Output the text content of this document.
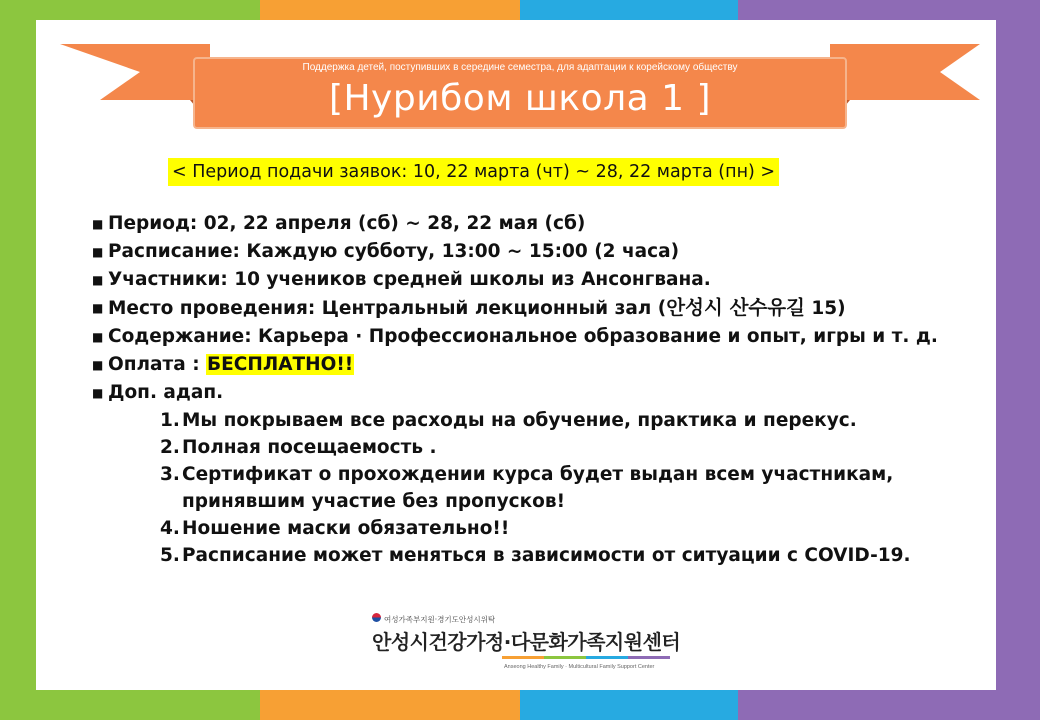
Поддержка детей, поступивших в середине семестра, для адаптации к корейскому обществу
[Нурибом школа 1 ]
< Период подачи заявок: 10, 22 марта (чт) ~ 28, 22 марта (пн) >
■ Период: 02, 22 апреля (сб) ~ 28, 22 мая (сб)
■ Расписание: Каждую субботу, 13:00 ~ 15:00 (2 часа)
■ Участники: 10 учеников средней школы из Ансонгвана.
■ Место проведения: Центральный лекционный зал (안성시 산수유길 15)
■ Содержание: Карьера · Профессиональное образование и опыт, игры и т. д.
■ Оплата : БЕСПЛАТНО!!
■ Доп. адап.
1. Мы покрываем все расходы на обучение, практика и перекус.
2. Полная посещаемость .
3. Сертификат о прохождении курса будет выдан всем участникам, принявшим участие без пропусков!
4. Ношение маски обязательно!!
5. Расписание может меняться в зависимости от ситуации с COVID-19.
여성가족부지원·경기도안성시위탁
안성시건강가정·다문화가족지원센터
Anseong Healthy Family · Multicultural Family Support Center
